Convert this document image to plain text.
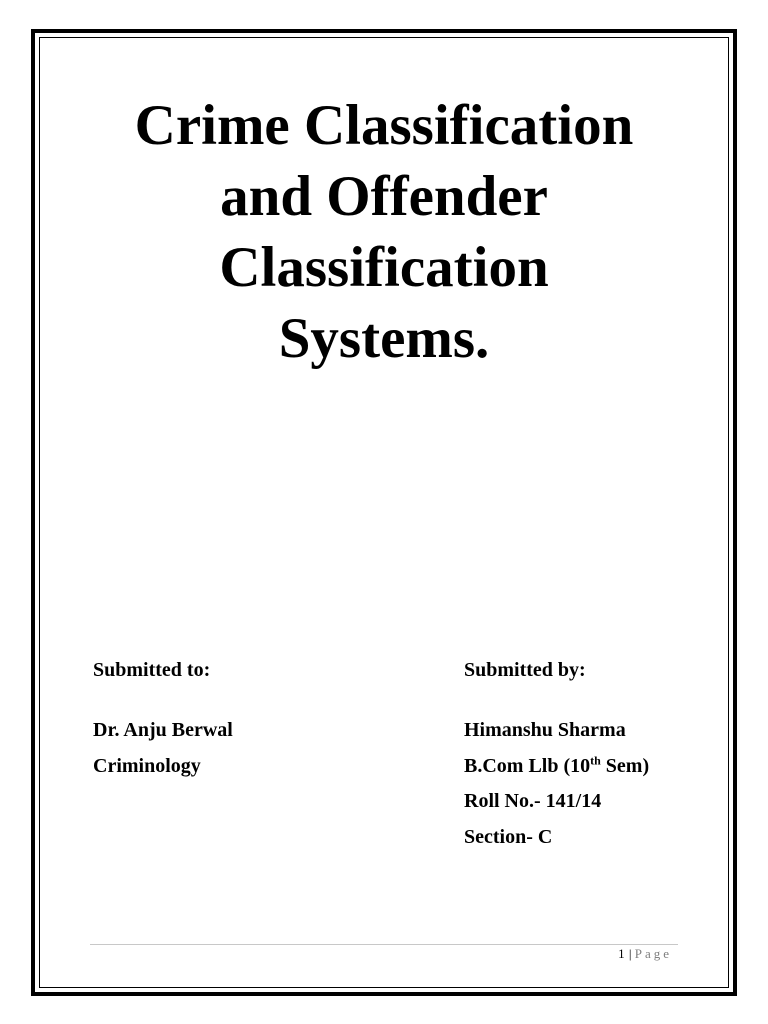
Crime Classification
and Offender
Classification
Systems.
Submitted to:
Dr. Anju Berwal
Criminology
Submitted by:
Himanshu Sharma
B.Com Llb (10th Sem)
Roll No.- 141/14
Section- C
1 | Page
